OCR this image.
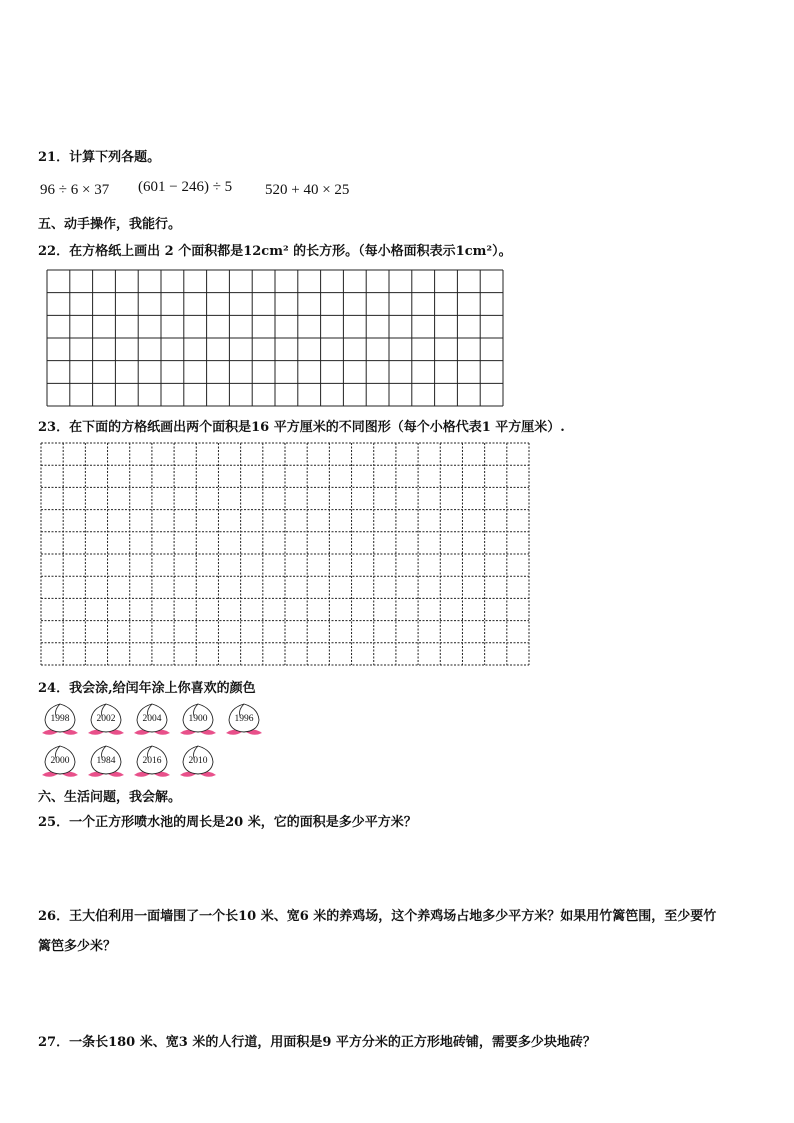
21．计算下列各题。
96 ÷ 6 × 37 (601 − 246) ÷ 5 520 + 40 × 25
五、动手操作，我能行。
22．在方格纸上画出 2 个面积都是12cm² 的长方形。（每小格面积表示1cm²）。
23．在下面的方格纸画出两个面积是16 平方厘米的不同图形（每个小格代表1 平方厘米）.
24．我会涂,给闰年涂上你喜欢的颜色
1998	2002	2004	1900	1996
2000	1984	2016	2010
六、生活问题，我会解。
25．一个正方形喷水池的周长是20 米，它的面积是多少平方米？
26．王大伯利用一面墙围了一个长10 米、宽6 米的养鸡场，这个养鸡场占地多少平方米？如果用竹篱笆围，至少要竹
篱笆多少米？
27．一条长180 米、宽3 米的人行道，用面积是9 平方分米的正方形地砖铺，需要多少块地砖？
